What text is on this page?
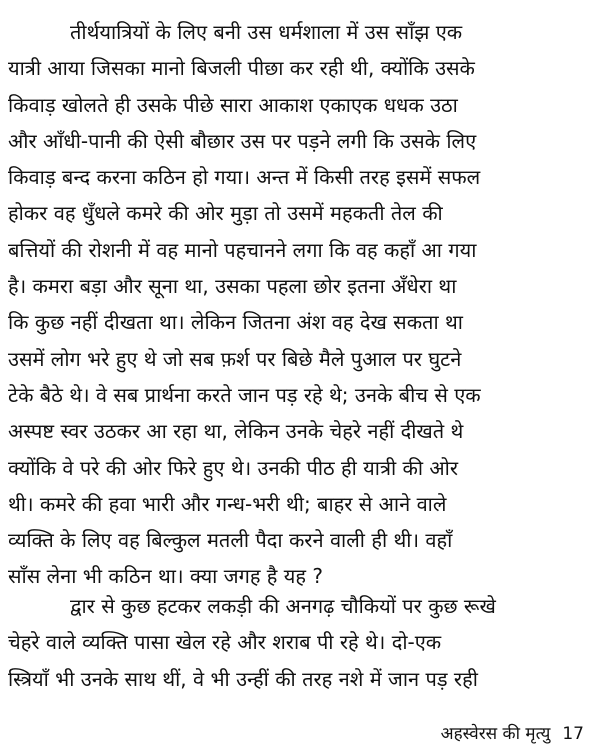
तीर्थयात्रियों के लिए बनी उस धर्मशाला में उस साँझ एक
यात्री आया जिसका मानो बिजली पीछा कर रही थी, क्योंकि उसके
किवाड़ खोलते ही उसके पीछे सारा आकाश एकाएक धधक उठा
और आँधी-पानी की ऐसी बौछार उस पर पड़ने लगी कि उसके लिए
किवाड़ बन्द करना कठिन हो गया। अन्त में किसी तरह इसमें सफल
होकर वह धुँधले कमरे की ओर मुड़ा तो उसमें महकती तेल की
बत्तियों की रोशनी में वह मानो पहचानने लगा कि वह कहाँ आ गया
है। कमरा बड़ा और सूना था, उसका पहला छोर इतना अँधेरा था
कि कुछ नहीं दीखता था। लेकिन जितना अंश वह देख सकता था
उसमें लोग भरे हुए थे जो सब फ़र्श पर बिछे मैले पुआल पर घुटने
टेके बैठे थे। वे सब प्रार्थना करते जान पड़ रहे थे; उनके बीच से एक
अस्पष्ट स्वर उठकर आ रहा था, लेकिन उनके चेहरे नहीं दीखते थे
क्योंकि वे परे की ओर फिरे हुए थे। उनकी पीठ ही यात्री की ओर
थी। कमरे की हवा भारी और गन्ध-भरी थी; बाहर से आने वाले
व्यक्ति के लिए वह बिल्कुल मतली पैदा करने वाली ही थी। वहाँ
साँस लेना भी कठिन था। क्या जगह है यह ?
द्वार से कुछ हटकर लकड़ी की अनगढ़ चौकियों पर कुछ रूखे
चेहरे वाले व्यक्ति पासा खेल रहे और शराब पी रहे थे। दो-एक
स्त्रियाँ भी उनके साथ थीं, वे भी उन्हीं की तरह नशे में जान पड़ रही
अहस्वेरस की मृत्यु 17
